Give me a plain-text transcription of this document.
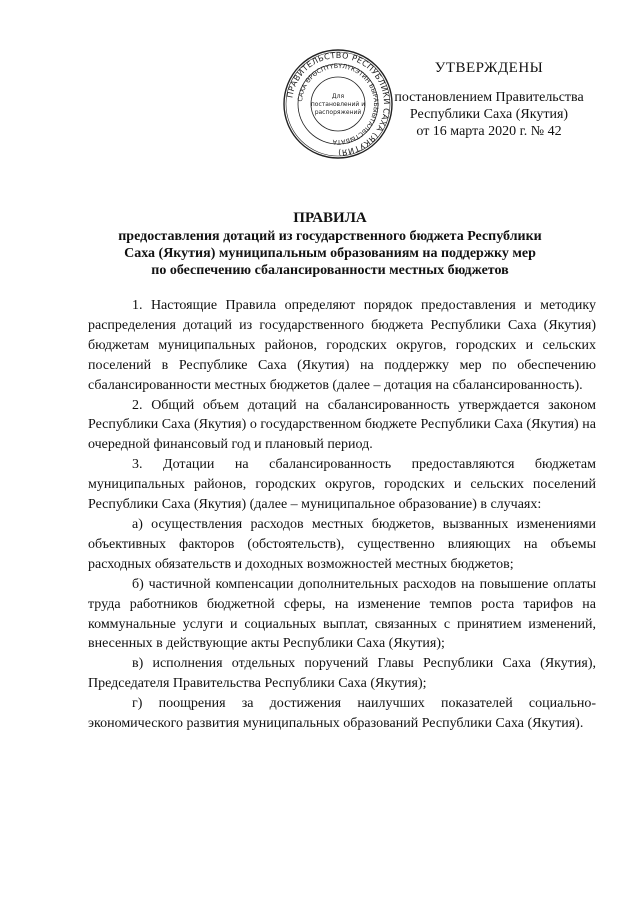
ПРАВИТЕЛЬСТВО РЕСПУБЛИКИ САХА (ЯКУТИЯ)
САХА ӨРӨСПҮҮБҮЛҮКЭТИН БЫРАБЫЫТАЛЬСТЫБАТА
Для
постановлений и
распоряжений
УТВЕРЖДЕНЫ
постановлением Правительства
Республики Саха (Якутия)
от 16 марта 2020 г. № 42
ПРАВИЛА
предоставления дотаций из государственного бюджета Республики
Саха (Якутия) муниципальным образованиям на поддержку мер
по обеспечению сбалансированности местных бюджетов

1. Настоящие Правила определяют порядок предоставления и методику распределения дотаций из государственного бюджета Республики Саха (Якутия) бюджетам муниципальных районов, городских округов, городских и сельских поселений в Республике Саха (Якутия) на поддержку мер по обеспечению сбалансированности местных бюджетов (далее – дотация на сбалансированность).

2. Общий объем дотаций на сбалансированность утверждается законом Республики Саха (Якутия) о государственном бюджете Республики Саха (Якутия) на очередной финансовый год и плановый период.

3. Дотации на сбалансированность предоставляются бюджетам муниципальных районов, городских округов, городских и сельских поселений Республики Саха (Якутия) (далее – муниципальное образование) в случаях:

а) осуществления расходов местных бюджетов, вызванных изменениями объективных факторов (обстоятельств), существенно влияющих на объемы расходных обязательств и доходных возможностей местных бюджетов;

б) частичной компенсации дополнительных расходов на повышение оплаты труда работников бюджетной сферы, на изменение темпов роста тарифов на коммунальные услуги и социальных выплат, связанных с принятием изменений, внесенных в действующие акты Республики Саха (Якутия);

в) исполнения отдельных поручений Главы Республики Саха (Якутия), Председателя Правительства Республики Саха (Якутия);

г) поощрения за достижения наилучших показателей социально-экономического развития муниципальных образований Республики Саха (Якутия).
